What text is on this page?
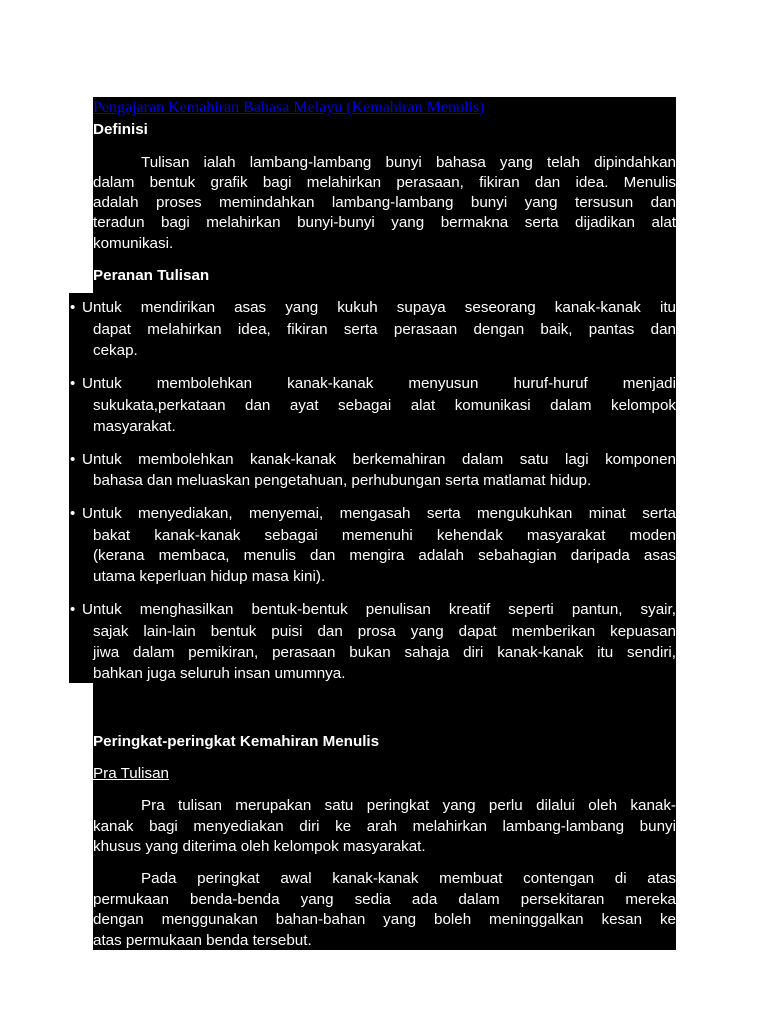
Pengajaran Kemahiran Bahasa Melayu (Kemahiran Menulis)
Definisi
Tulisan ialah lambang-lambang bunyi bahasa yang telah dipindahkan
dalam bentuk grafik bagi melahirkan perasaan, fikiran dan idea. Menulis
adalah proses memindahkan lambang-lambang bunyi yang tersusun dan
teradun bagi melahirkan bunyi-bunyi yang bermakna serta dijadikan alat
komunikasi.
Peranan Tulisan
• Untuk mendirikan asas yang kukuh supaya seseorang kanak-kanak itu
dapat melahirkan idea, fikiran serta perasaan dengan baik, pantas dan
cekap.
• Untuk membolehkan kanak-kanak menyusun huruf-huruf menjadi
sukukata,perkataan dan ayat sebagai alat komunikasi dalam kelompok
masyarakat.
• Untuk membolehkan kanak-kanak berkemahiran dalam satu lagi komponen
bahasa dan meluaskan pengetahuan, perhubungan serta matlamat hidup.
• Untuk menyediakan, menyemai, mengasah serta mengukuhkan minat serta
bakat kanak-kanak sebagai memenuhi kehendak masyarakat moden
(kerana membaca, menulis dan mengira adalah sebahagian daripada asas
utama keperluan hidup masa kini).
• Untuk menghasilkan bentuk-bentuk penulisan kreatif seperti pantun, syair,
sajak lain-lain bentuk puisi dan prosa yang dapat memberikan kepuasan
jiwa dalam pemikiran, perasaan bukan sahaja diri kanak-kanak itu sendiri,
bahkan juga seluruh insan umumnya.
Peringkat-peringkat Kemahiran Menulis
Pra Tulisan
Pra tulisan merupakan satu peringkat yang perlu dilalui oleh kanak-
kanak bagi menyediakan diri ke arah melahirkan lambang-lambang bunyi
khusus yang diterima oleh kelompok masyarakat.
Pada peringkat awal kanak-kanak membuat contengan di atas
permukaan benda-benda yang sedia ada dalam persekitaran mereka
dengan menggunakan bahan-bahan yang boleh meninggalkan kesan ke
atas permukaan benda tersebut.
